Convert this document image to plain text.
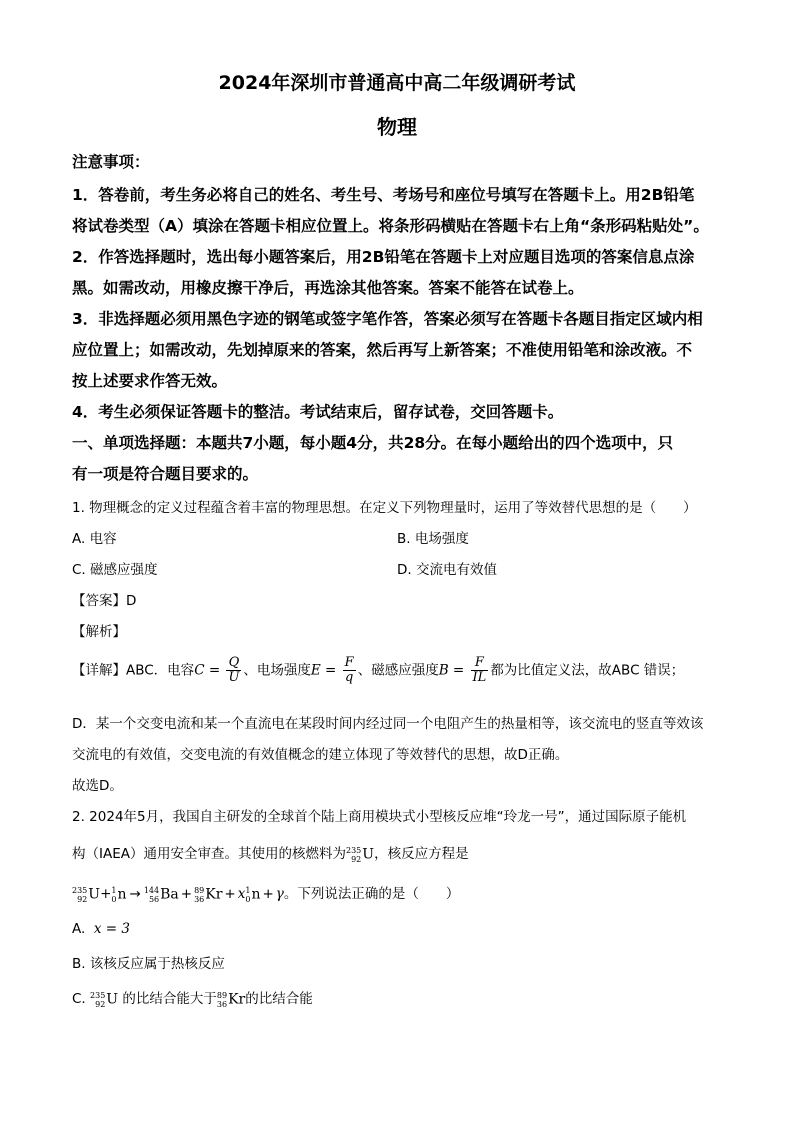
2024年深圳市普通高中高二年级调研考试
物理
注意事项：
1．答卷前，考生务必将自己的姓名、考生号、考场号和座位号填写在答题卡上。用2B铅笔
将试卷类型（A）填涂在答题卡相应位置上。将条形码横贴在答题卡右上角“条形码粘贴处”。
2．作答选择题时，选出每小题答案后，用2B铅笔在答题卡上对应题目选项的答案信息点涂
黑。如需改动，用橡皮擦干净后，再选涂其他答案。答案不能答在试卷上。
3．非选择题必须用黑色字迹的钢笔或签字笔作答，答案必须写在答题卡各题目指定区域内相
应位置上；如需改动，先划掉原来的答案，然后再写上新答案；不准使用铅笔和涂改液。不
按上述要求作答无效。
4．考生必须保证答题卡的整洁。考试结束后，留存试卷，交回答题卡。
一、单项选择题：本题共7小题，每小题4分，共28分。在每小题给出的四个选项中，只
有一项是符合题目要求的。
1. 物理概念的定义过程蕴含着丰富的物理思想。在定义下列物理量时，运用了等效替代思想的是（　　）
A. 电容	B. 电场强度
C. 磁感应强度	D. 交流电有效值
【答案】D
【解析】
【详解】ABC．电容$C = \frac{Q}{U}$ 、电场强度$E = \frac{F}{q}$ 、磁感应强度$B = \frac{F}{IL}$ 都为比值定义法，故ABC 错误；
D．某一个交变电流和某一个直流电在某段时间内经过同一个电阻产生的热量相等，该交流电的竖直等效该
交流电的有效值，交变电流的有效值概念的建立体现了等效替代的思想，故D正确。
故选D。
2. 2024年5月，我国自主研发的全球首个陆上商用模块式小型核反应堆“玲龙一号”，通过国际原子能机
构（IAEA）通用安全审查。其使用的核燃料为 235
92 U，核反应方程是
235
92 U+ 1
0 n → 144
56 Ba + 89
36 Kr + x 1
0 n + γ。下列说法正确的是（　　）
A. x = 3
B. 该核反应属于热核反应
C. 235
92 U 的比结合能大于 89
36 Kr的比结合能
